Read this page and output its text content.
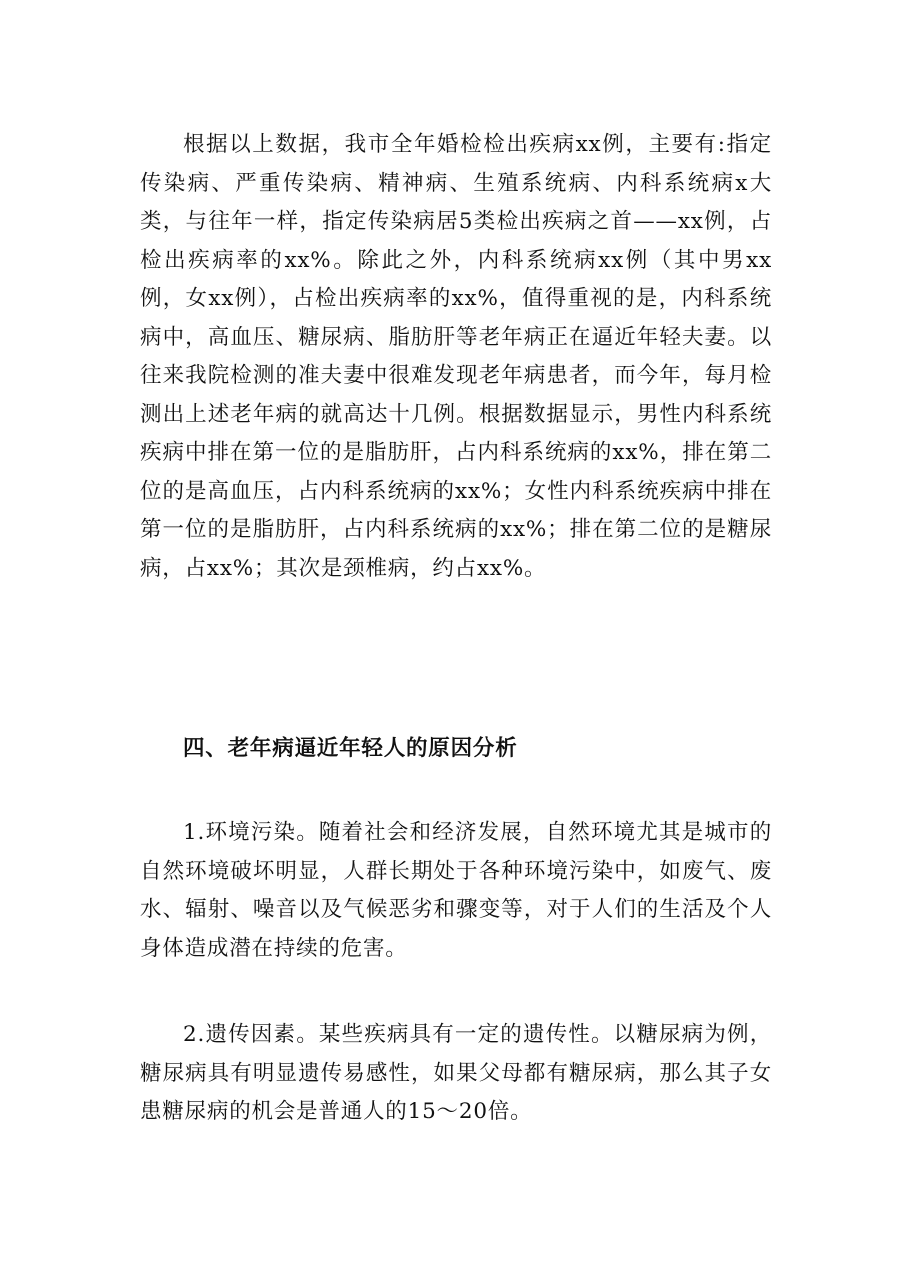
根据以上数据，我市全年婚检检出疾病xx例，主要有:指定传染病、严重传染病、精神病、生殖系统病、内科系统病x大类，与往年一样，指定传染病居5类检出疾病之首——xx例，占检出疾病率的xx%。除此之外，内科系统病xx例（其中男xx例，女xx例），占检出疾病率的xx%，值得重视的是，内科系统病中，高血压、糖尿病、脂肪肝等老年病正在逼近年轻夫妻。以往来我院检测的准夫妻中很难发现老年病患者，而今年，每月检测出上述老年病的就高达十几例。根据数据显示，男性内科系统疾病中排在第一位的是脂肪肝，占内科系统病的xx%，排在第二位的是高血压，占内科系统病的xx%；女性内科系统疾病中排在第一位的是脂肪肝，占内科系统病的xx%；排在第二位的是糖尿病，占xx%；其次是颈椎病，约占xx%。

四、老年病逼近年轻人的原因分析

1.环境污染。随着社会和经济发展，自然环境尤其是城市的自然环境破坏明显，人群长期处于各种环境污染中，如废气、废水、辐射、噪音以及气候恶劣和骤变等，对于人们的生活及个人身体造成潜在持续的危害。

2.遗传因素。某些疾病具有一定的遗传性。以糖尿病为例，糖尿病具有明显遗传易感性，如果父母都有糖尿病，那么其子女患糖尿病的机会是普通人的15～20倍。
